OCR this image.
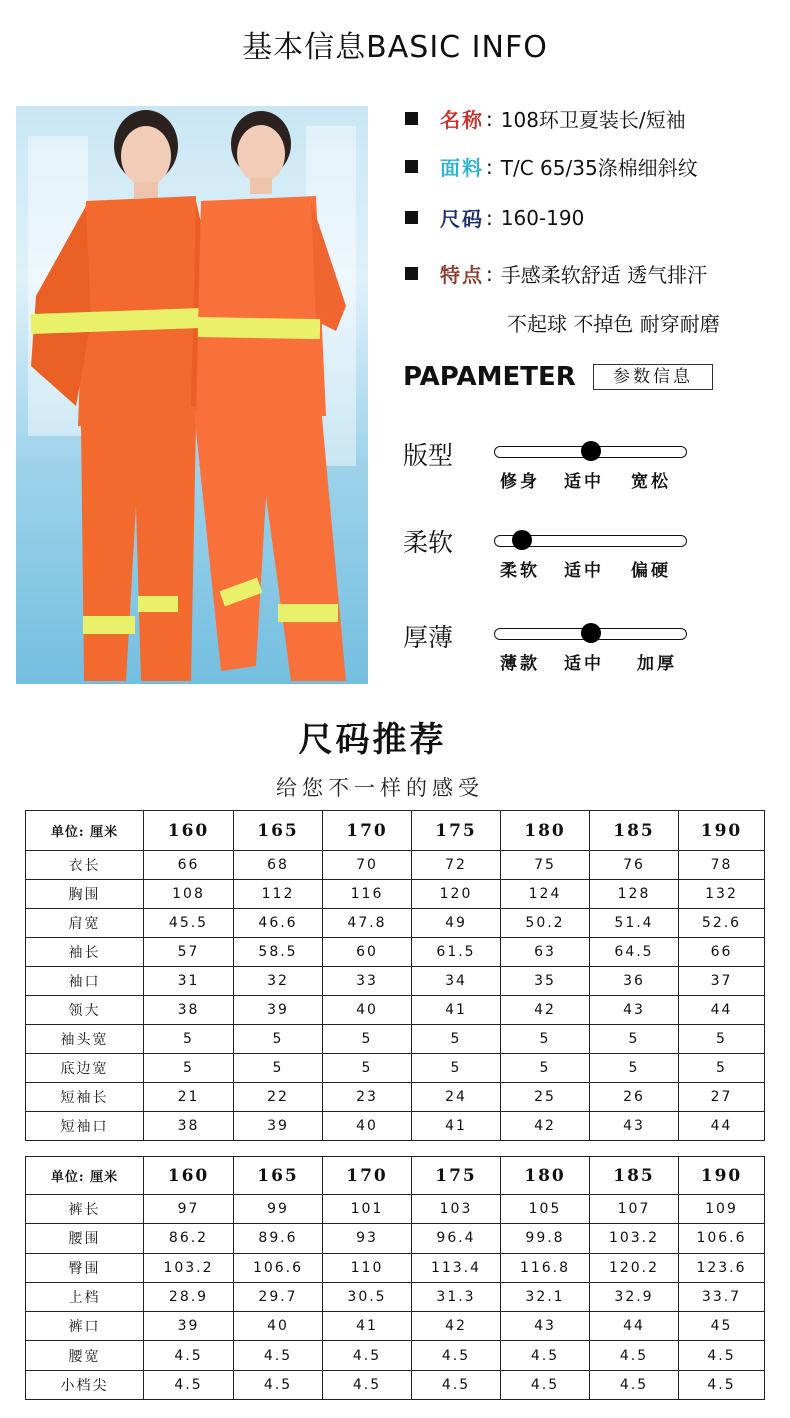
基本信息BASIC INFO
名称 : 108环卫夏装长/短袖
面料 : T/C 65/35涤棉细斜纹
尺码 : 160-190
特点 : 手感柔软舒适 透气排汗
不起球 不掉色 耐穿耐磨
PAPAMETER	参数信息
版型
修身 适中 宽松
柔软
柔软 适中 偏硬
厚薄
薄款 适中 加厚
尺码推荐
给您不一样的感受
单位: 厘米	160	165	170	175	180	185	190
衣长	66	68	70	72	75	76	78
胸围	108	112	116	120	124	128	132
肩宽	45.5	46.6	47.8	49	50.2	51.4	52.6
袖长	57	58.5	60	61.5	63	64.5	66
袖口	31	32	33	34	35	36	37
领大	38	39	40	41	42	43	44
袖头宽	5	5	5	5	5	5	5
底边宽	5	5	5	5	5	5	5
短袖长	21	22	23	24	25	26	27
短袖口	38	39	40	41	42	43	44
单位: 厘米	160	165	170	175	180	185	190
裤长	97	99	101	103	105	107	109
腰围	86.2	89.6	93	96.4	99.8	103.2	106.6
臀围	103.2	106.6	110	113.4	116.8	120.2	123.6
上档	28.9	29.7	30.5	31.3	32.1	32.9	33.7
裤口	39	40	41	42	43	44	45
腰宽	4.5	4.5	4.5	4.5	4.5	4.5	4.5
小档尖	4.5	4.5	4.5	4.5	4.5	4.5	4.5
